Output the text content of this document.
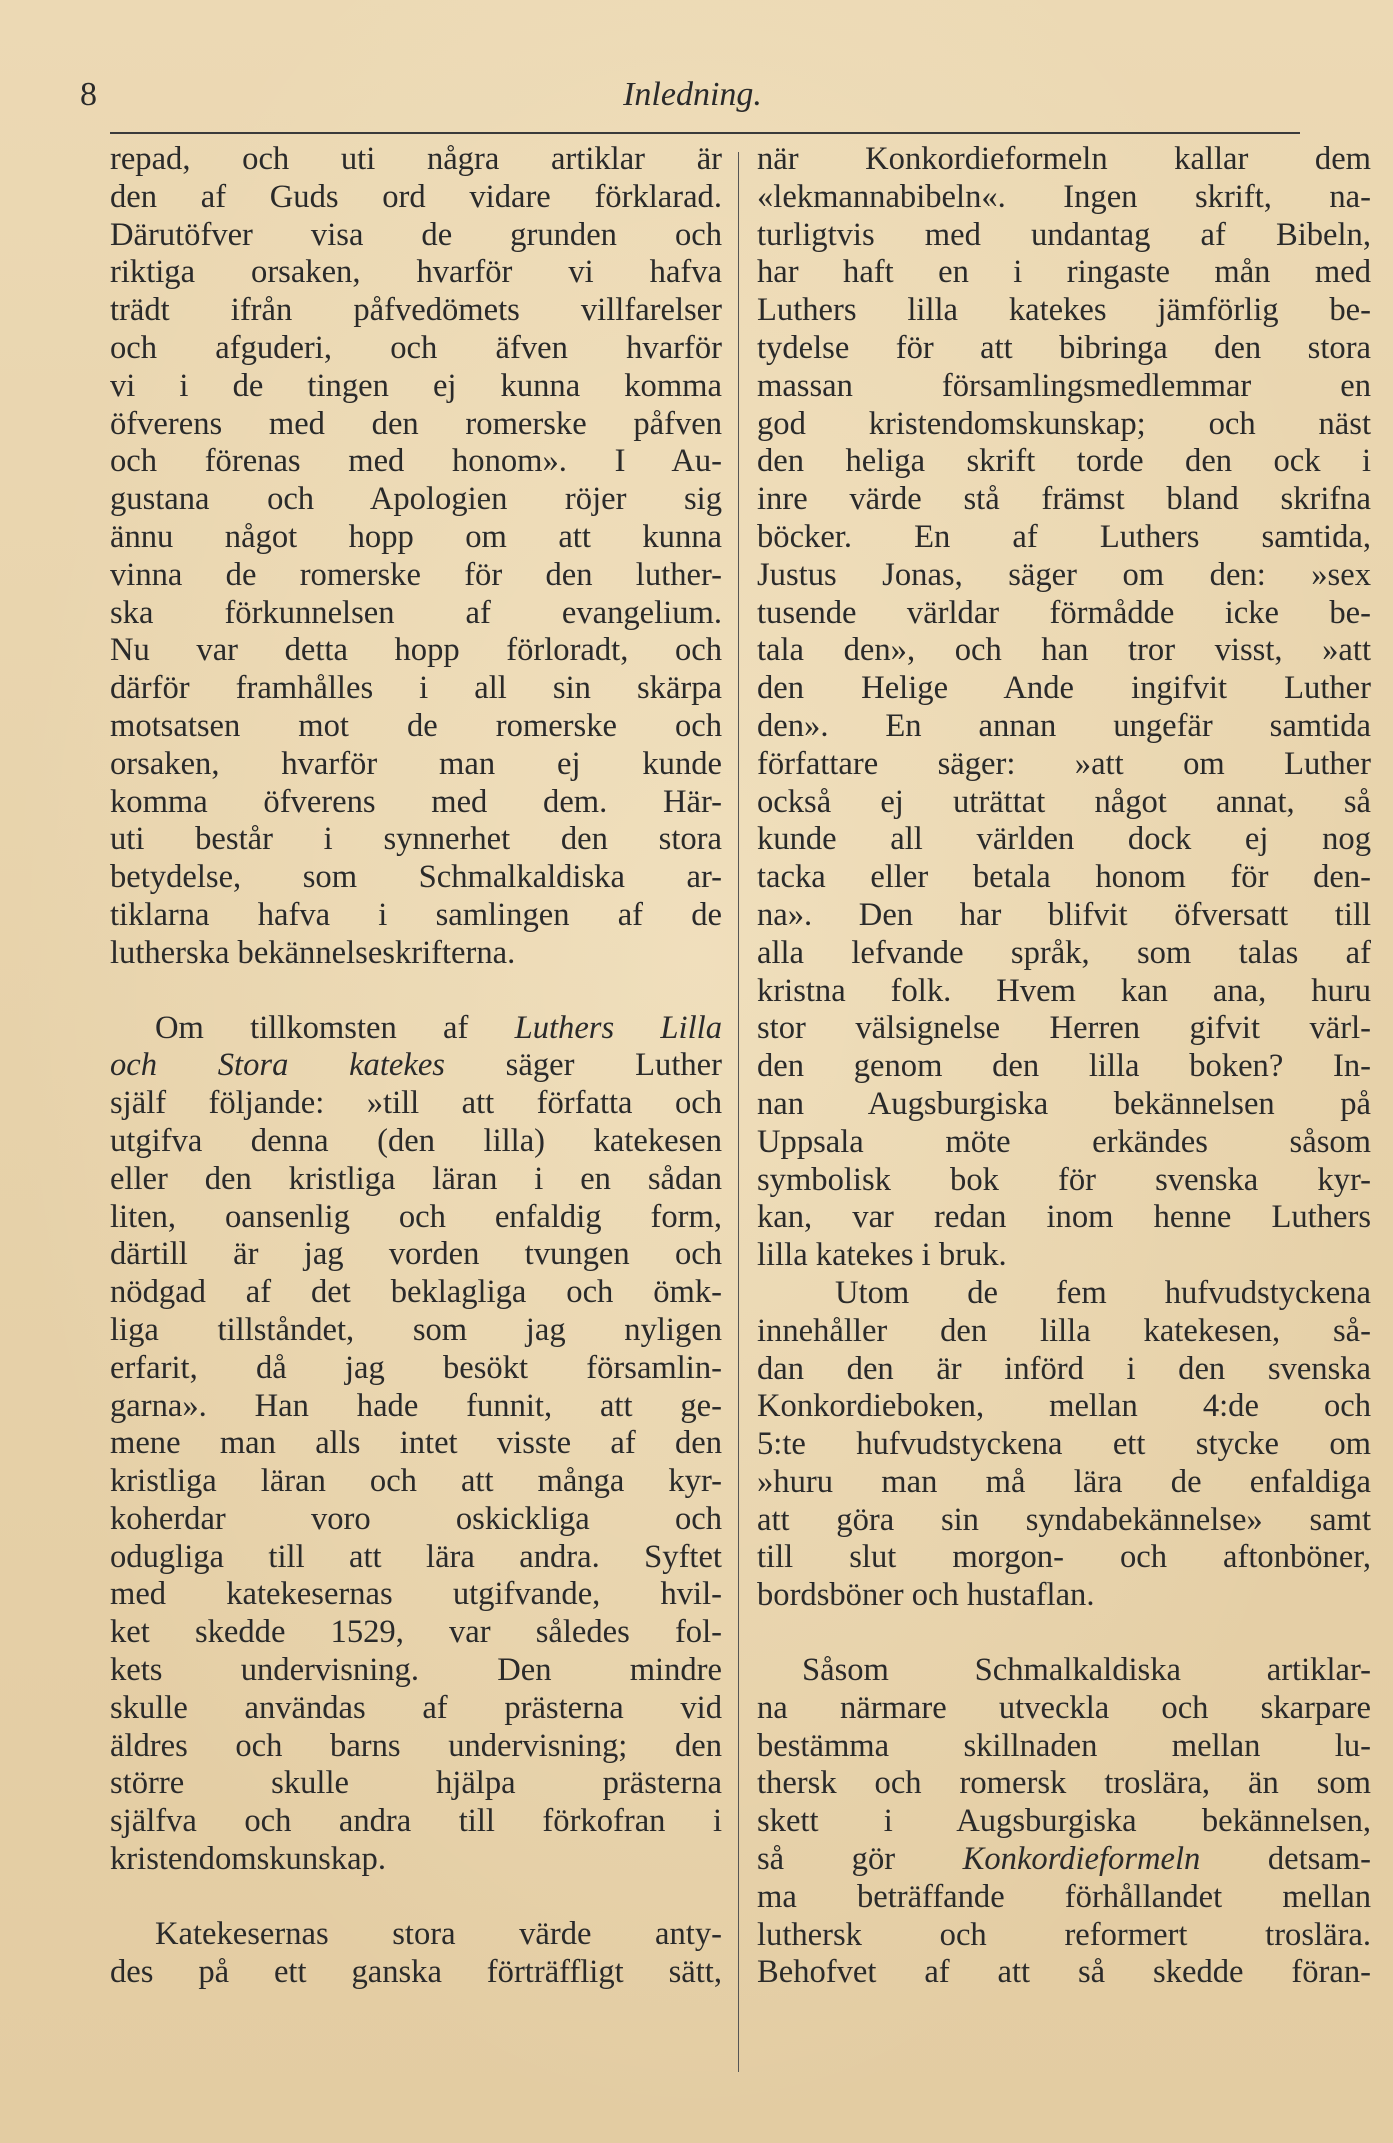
8	Inledning.
repad, och uti några artiklar är
den af Guds ord vidare förklarad.
Därutöfver visa de grunden och
riktiga orsaken, hvarför vi hafva
trädt ifrån påfvedömets villfarelser
och afguderi, och äfven hvarför
vi i de tingen ej kunna komma
öfverens med den romerske påfven
och förenas med honom». I Au-
gustana och Apologien röjer sig
ännu något hopp om att kunna
vinna de romerske för den luther-
ska förkunnelsen af evangelium.
Nu var detta hopp förloradt, och
därför framhålles i all sin skärpa
motsatsen mot de romerske och
orsaken, hvarför man ej kunde
komma öfverens med dem. Här-
uti består i synnerhet den stora
betydelse, som Schmalkaldiska ar-
tiklarna hafva i samlingen af de
lutherska bekännelseskrifterna.
Om tillkomsten af Luthers Lilla
och Stora katekes säger Luther
själf följande: »till att författa och
utgifva denna (den lilla) katekesen
eller den kristliga läran i en sådan
liten, oansenlig och enfaldig form,
därtill är jag vorden tvungen och
nödgad af det beklagliga och ömk-
liga tillståndet, som jag nyligen
erfarit, då jag besökt församlin-
garna». Han hade funnit, att ge-
mene man alls intet visste af den
kristliga läran och att många kyr-
koherdar voro oskickliga och
odugliga till att lära andra. Syftet
med katekesernas utgifvande, hvil-
ket skedde 1529, var således fol-
kets undervisning. Den mindre
skulle användas af prästerna vid
äldres och barns undervisning; den
större skulle hjälpa prästerna
själfva och andra till förkofran i
kristendomskunskap.
Katekesernas stora värde anty-
des på ett ganska förträffligt sätt,
när Konkordieformeln kallar dem
«lekmannabibeln«. Ingen skrift, na-
turligtvis med undantag af Bibeln,
har haft en i ringaste mån med
Luthers lilla katekes jämförlig be-
tydelse för att bibringa den stora
massan församlingsmedlemmar en
god kristendomskunskap; och näst
den heliga skrift torde den ock i
inre värde stå främst bland skrifna
böcker. En af Luthers samtida,
Justus Jonas, säger om den: »sex
tusende världar förmådde icke be-
tala den», och han tror visst, »att
den Helige Ande ingifvit Luther
den». En annan ungefär samtida
författare säger: »att om Luther
också ej uträttat något annat, så
kunde all världen dock ej nog
tacka eller betala honom för den-
na». Den har blifvit öfversatt till
alla lefvande språk, som talas af
kristna folk. Hvem kan ana, huru
stor välsignelse Herren gifvit värl-
den genom den lilla boken? In-
nan Augsburgiska bekännelsen på
Uppsala möte erkändes såsom
symbolisk bok för svenska kyr-
kan, var redan inom henne Luthers
lilla katekes i bruk.
Utom de fem hufvudstyckena
innehåller den lilla katekesen, så-
dan den är införd i den svenska
Konkordieboken, mellan 4:de och
5:te hufvudstyckena ett stycke om
»huru man må lära de enfaldiga
att göra sin syndabekännelse» samt
till slut morgon- och aftonböner,
bordsböner och hustaflan.
Såsom Schmalkaldiska artiklar-
na närmare utveckla och skarpare
bestämma skillnaden mellan lu-
thersk och romersk troslära, än som
skett i Augsburgiska bekännelsen,
så gör Konkordieformeln detsam-
ma beträffande förhållandet mellan
luthersk och reformert troslära.
Behofvet af att så skedde föran-
